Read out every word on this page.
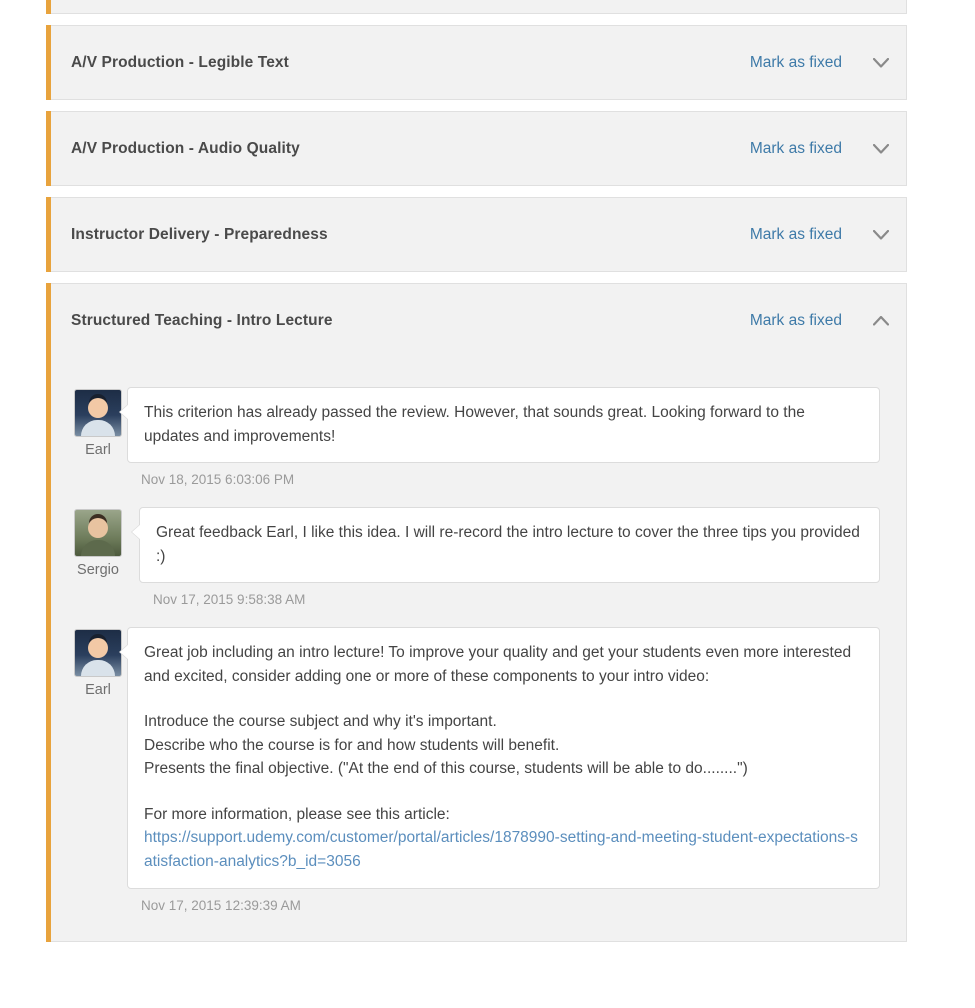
A/V Production - Legible Text	Mark as fixed
A/V Production - Audio Quality	Mark as fixed
Instructor Delivery - Preparedness	Mark as fixed
Structured Teaching - Intro Lecture	Mark as fixed
Earl

This criterion has already passed the review. However, that sounds great. Looking forward to the updates and improvements!

Nov 18, 2015 6:03:06 PM
Sergio

Great feedback Earl, I like this idea. I will re-record the intro lecture to cover the three tips you provided :)

Nov 17, 2015 9:58:38 AM
Earl

Great job including an intro lecture! To improve your quality and get your students even more interested and excited, consider adding one or more of these components to your intro video:

Introduce the course subject and why it's important.

Describe who the course is for and how students will benefit.

Presents the final objective. ("At the end of this course, students will be able to do........")

For more information, please see this article:

https://support.udemy.com/customer/portal/articles/1878990-setting-and-meeting-student-expectations-satisfaction-analytics?b_id=3056
Nov 17, 2015 12:39:39 AM
